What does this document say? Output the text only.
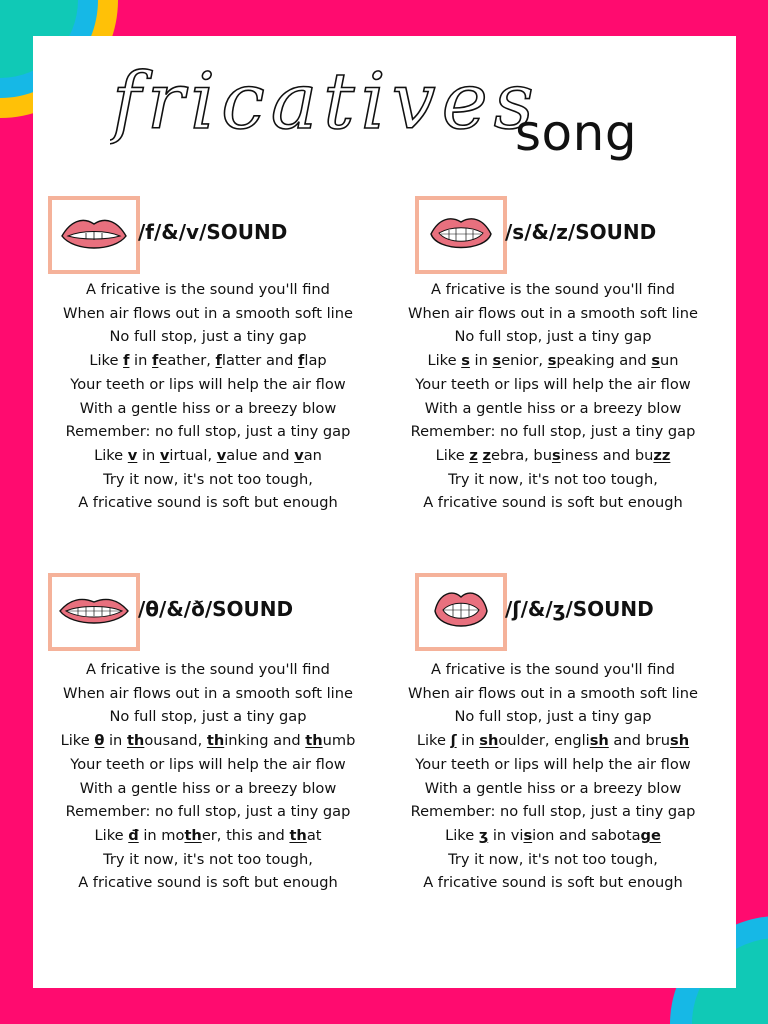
fricatives
song
/f/&/v/SOUND
A fricative is the sound you'll find
When air flows out in a smooth soft line
No full stop, just a tiny gap
Like f in feather, flatter and flap
Your teeth or lips will help the air flow
With a gentle hiss or a breezy blow
Remember: no full stop, just a tiny gap
Like v in virtual, value and van
Try it now, it's not too tough,
A fricative sound is soft but enough
/s/&/z/SOUND
A fricative is the sound you'll find
When air flows out in a smooth soft line
No full stop, just a tiny gap
Like s in senior, speaking and sun
Your teeth or lips will help the air flow
With a gentle hiss or a breezy blow
Remember: no full stop, just a tiny gap
Like z zebra, business and buzz
Try it now, it's not too tough,
A fricative sound is soft but enough
/θ/&/ð/SOUND
A fricative is the sound you'll find
When air flows out in a smooth soft line
No full stop, just a tiny gap
Like θ in thousand, thinking and thumb
Your teeth or lips will help the air flow
With a gentle hiss or a breezy blow
Remember: no full stop, just a tiny gap
Like đ in mother, this and that
Try it now, it's not too tough,
A fricative sound is soft but enough
/ʃ/&/ʒ/SOUND
A fricative is the sound you'll find
When air flows out in a smooth soft line
No full stop, just a tiny gap
Like ʃ in shoulder, english and brush
Your teeth or lips will help the air flow
With a gentle hiss or a breezy blow
Remember: no full stop, just a tiny gap
Like ʒ in vision and sabotage
Try it now, it's not too tough,
A fricative sound is soft but enough
